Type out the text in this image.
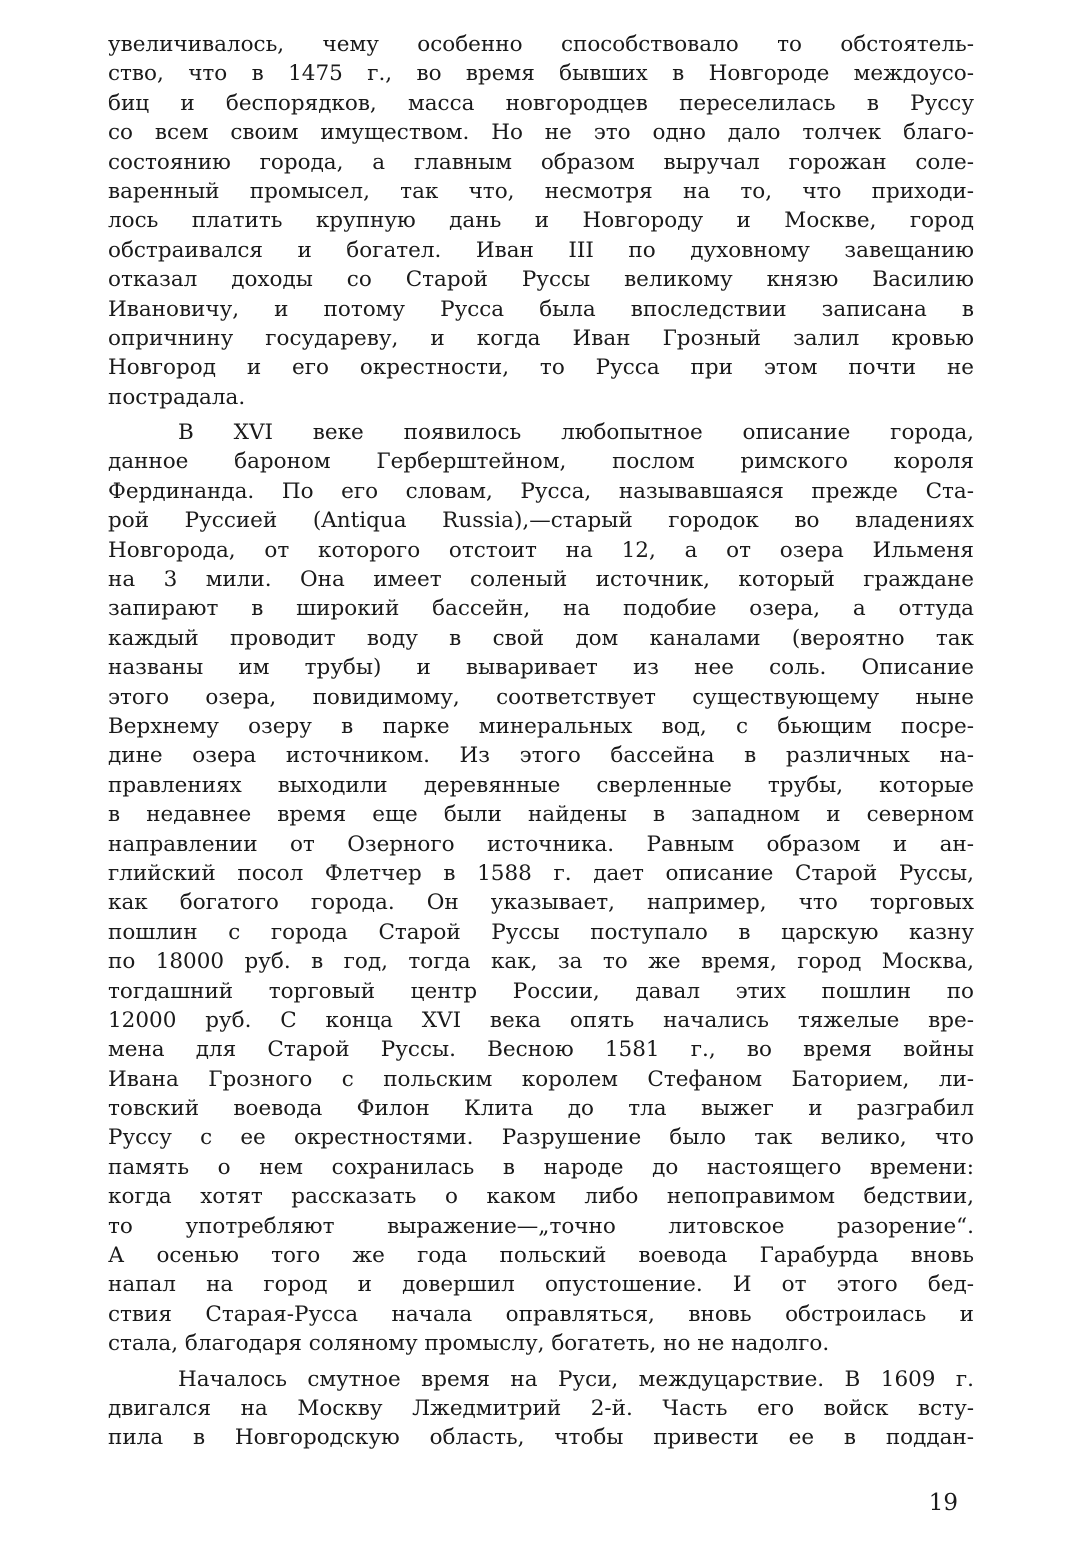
увеличивалось, чему особенно способствовало то обстоятель-
ство, что в 1475 г., во время бывших в Новгороде междоусо-
биц и беспорядков, масса новгородцев переселилась в Руссу
со всем своим имуществом. Но не это одно дало толчек благо-
состоянию города, а главным образом выручал горожан соле-
варенный промысел, так что, несмотря на то, что приходи-
лось платить крупную дань и Новгороду и Москве, город
обстраивался и богател. Иван III по духовному завещанию
отказал доходы со Старой Руссы великому князю Василию
Ивановичу, и потому Русса была впоследствии записана в
опричнину государеву, и когда Иван Грозный залил кровью
Новгород и его окрестности, то Русса при этом почти не
пострадала.
В XVI веке появилось любопытное описание города,
данное бароном Герберштейном, послом римского короля
Фердинанда. По его словам, Русса, называвшаяся прежде Ста-
рой Руссией (Antiqua Russia),—старый городок во владениях
Новгорода, от которого отстоит на 12, а от озера Ильменя
на 3 мили. Она имеет соленый источник, который граждане
запирают в широкий бассейн, на подобие озера, а оттуда
каждый проводит воду в свой дом каналами (вероятно так
названы им трубы) и вываривает из нее соль. Описание
этого озера, повидимому, соответствует существующему ныне
Верхнему озеру в парке минеральных вод, с бьющим посре-
дине озера источником. Из этого бассейна в различных на-
правлениях выходили деревянные сверленные трубы, которые
в недавнее время еще были найдены в западном и северном
направлении от Озерного источника. Равным образом и ан-
глийский посол Флетчер в 1588 г. дает описание Старой Руссы,
как богатого города. Он указывает, например, что торговых
пошлин с города Старой Руссы поступало в царскую казну
по 18000 руб. в год, тогда как, за то же время, город Москва,
тогдашний торговый центр России, давал этих пошлин по
12000 руб. С конца XVI века опять начались тяжелые вре-
мена для Старой Руссы. Весною 1581 г., во время войны
Ивана Грозного с польским королем Стефаном Баторием, ли-
товский воевода Филон Клита до тла выжег и разграбил
Руссу с ее окрестностями. Разрушение было так велико, что
память о нем сохранилась в народе до настоящего времени:
когда хотят рассказать о каком либо непоправимом бедствии,
то употребляют выражение—„точно литовское разорение“.
А осенью того же года польский воевода Гарабурда вновь
напал на город и довершил опустошение. И от этого бед-
ствия Старая-Русса начала оправляться, вновь обстроилась и
стала, благодаря соляному промыслу, богатеть, но не надолго.
Началось смутное время на Руси, междуцарствие. В 1609 г.
двигался на Москву Лжедмитрий 2-й. Часть его войск всту-
пила в Новгородскую область, чтобы привести ее в поддан-
19
